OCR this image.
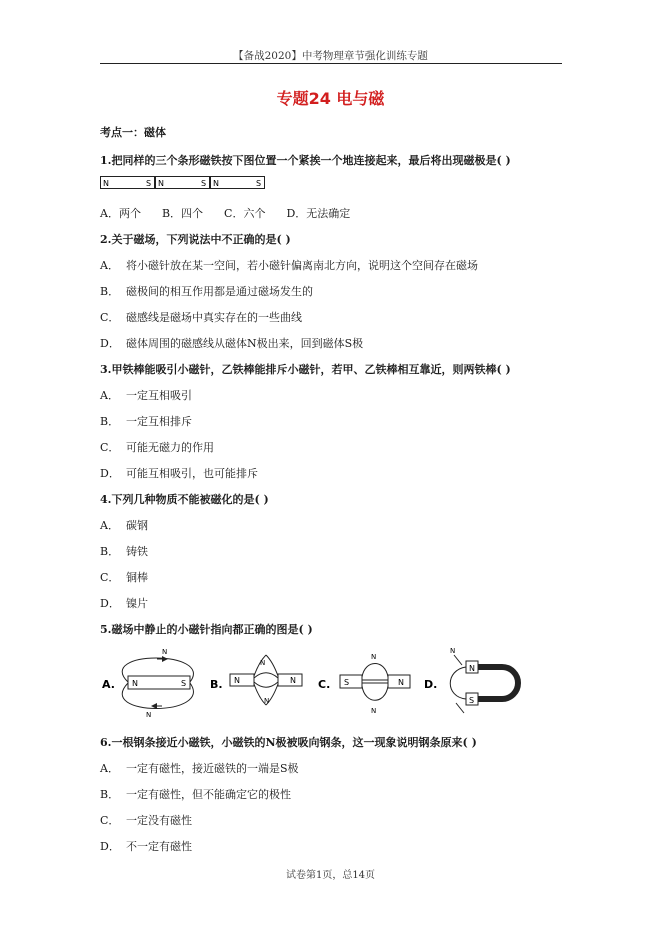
【备战2020】中考物理章节强化训练专题
专题24 电与磁
考点一：磁体
1.把同样的三个条形磁铁按下图位置一个紧挨一个地连接起来，最后将出现磁极是( )
N	S N	S N	S
A．两个 B．四个 C．六个 D．无法确定
2.关于磁场，下列说法中不正确的是( )
A． 将小磁针放在某一空间，若小磁针偏离南北方向，说明这个空间存在磁场
B． 磁极间的相互作用都是通过磁场发生的
C． 磁感线是磁场中真实存在的一些曲线
D． 磁体周围的磁感线从磁体N极出来，回到磁体S极
3.甲铁棒能吸引小磁针，乙铁棒能排斥小磁针，若甲、乙铁棒相互靠近，则两铁棒( )
A． 一定互相吸引
B． 一定互相排斥
C． 可能无磁力的作用
D． 可能互相吸引，也可能排斥
4.下列几种物质不能被磁化的是( )
A． 碳钢
B． 铸铁
C． 铜棒
D． 镍片
5.磁场中静止的小磁针指向都正确的图是( )
A. N	S
N
N
B. N	N
N
N
C. S	N
N
N
D.
N
S
N
6.一根钢条接近小磁铁，小磁铁的N极被吸向钢条，这一现象说明钢条原来( )
A． 一定有磁性，接近磁铁的一端是S极
B． 一定有磁性，但不能确定它的极性
C． 一定没有磁性
D． 不一定有磁性
试卷第1页，总14页
